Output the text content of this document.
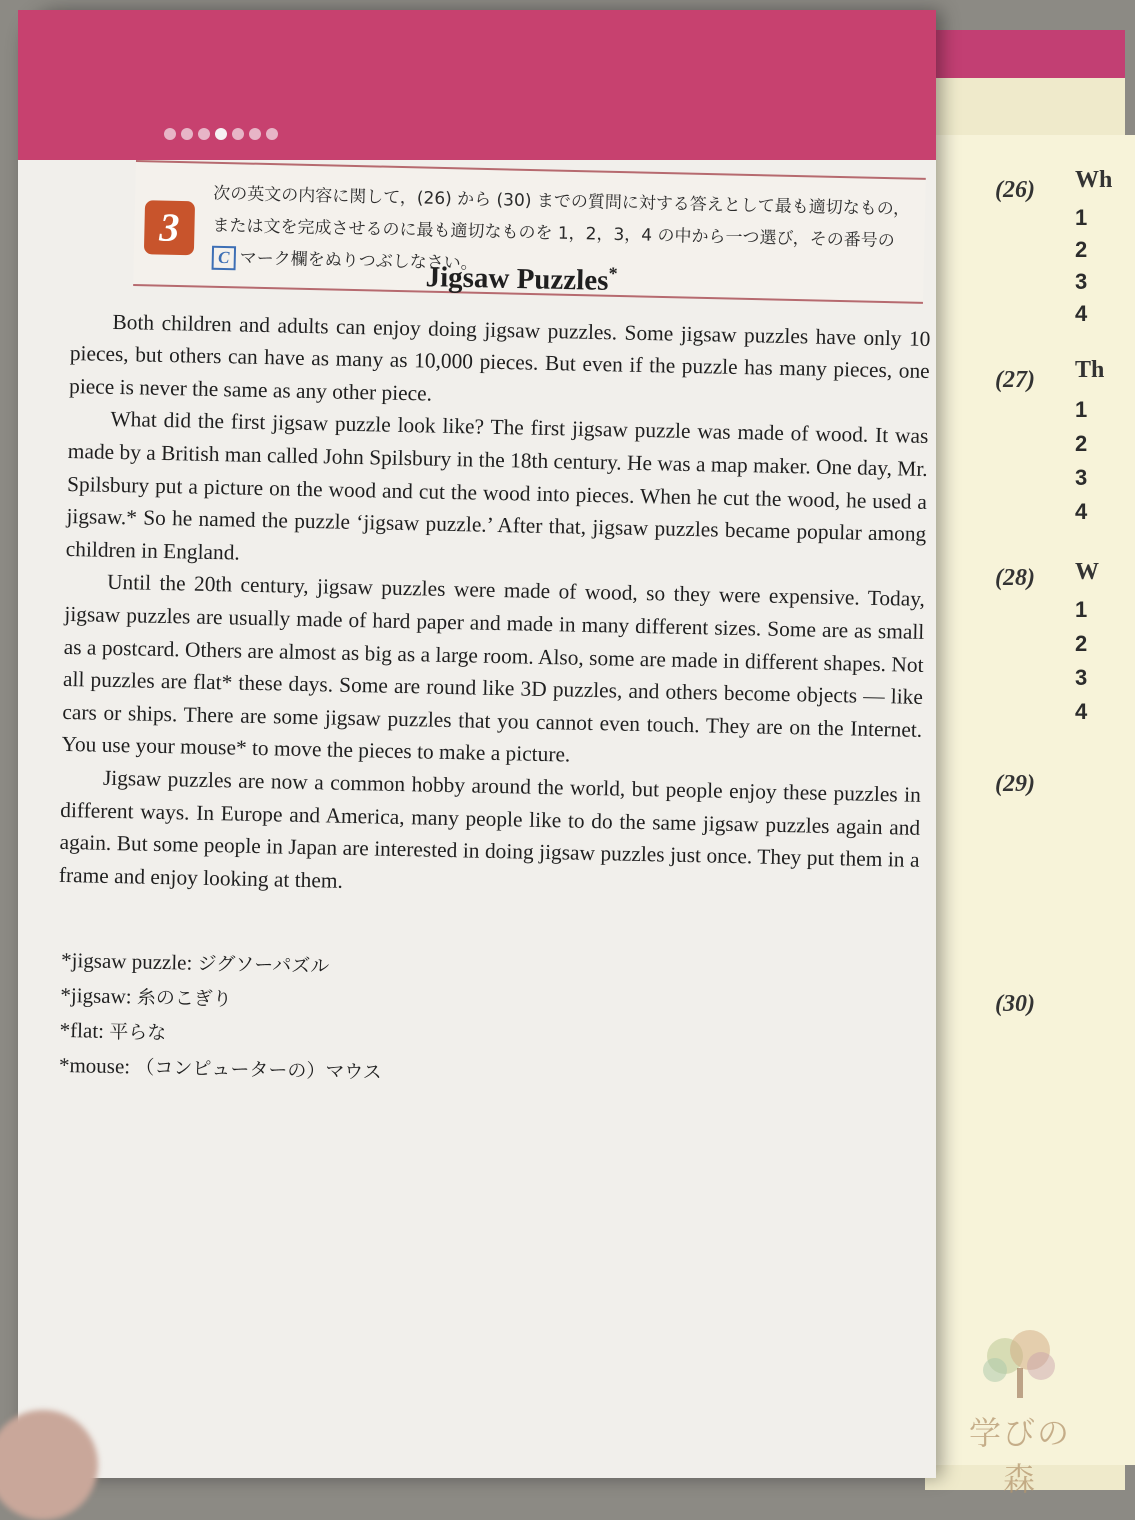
(26) Wh
1
2
3
4
(27) Th
1
2
3
4
(28) W
1
2
3
4
(29)
(30)
3
次の英文の内容に関して，(26) から (30) までの質問に対する答えとして最も適切なもの，
または文を完成させるのに最も適切なものを 1，2，3，4 の中から一つ選び，その番号の
C マーク欄をぬりつぶしなさい。
Jigsaw Puzzles*

Both children and adults can enjoy doing jigsaw puzzles. Some jigsaw puzzles have only 10 pieces, but others can have as many as 10,000 pieces. But even if the puzzle has many pieces, one piece is never the same as any other piece.

What did the first jigsaw puzzle look like? The first jigsaw puzzle was made of wood. It was made by a British man called John Spilsbury in the 18th century. He was a map maker. One day, Mr. Spilsbury put a picture on the wood and cut the wood into pieces. When he cut the wood, he used a jigsaw.* So he named the puzzle ‘jigsaw puzzle.’ After that, jigsaw puzzles became popular among children in England.

Until the 20th century, jigsaw puzzles were made of wood, so they were expensive. Today, jigsaw puzzles are usually made of hard paper and made in many different sizes. Some are as small as a postcard. Others are almost as big as a large room. Also, some are made in different shapes. Not all puzzles are flat* these days. Some are round like 3D puzzles, and others become objects — like cars or ships. There are some jigsaw puzzles that you cannot even touch. They are on the Internet. You use your mouse* to move the pieces to make a picture.

Jigsaw puzzles are now a common hobby around the world, but people enjoy these puzzles in different ways. In Europe and America, many people like to do the same jigsaw puzzles again and again. But some people in Japan are interested in doing jigsaw puzzles just once. They put them in a frame and enjoy looking at them.

*jigsaw puzzle: ジグソーパズル
*jigsaw: 糸のこぎり
*flat: 平らな
*mouse: （コンピューターの）マウス
学びの森
